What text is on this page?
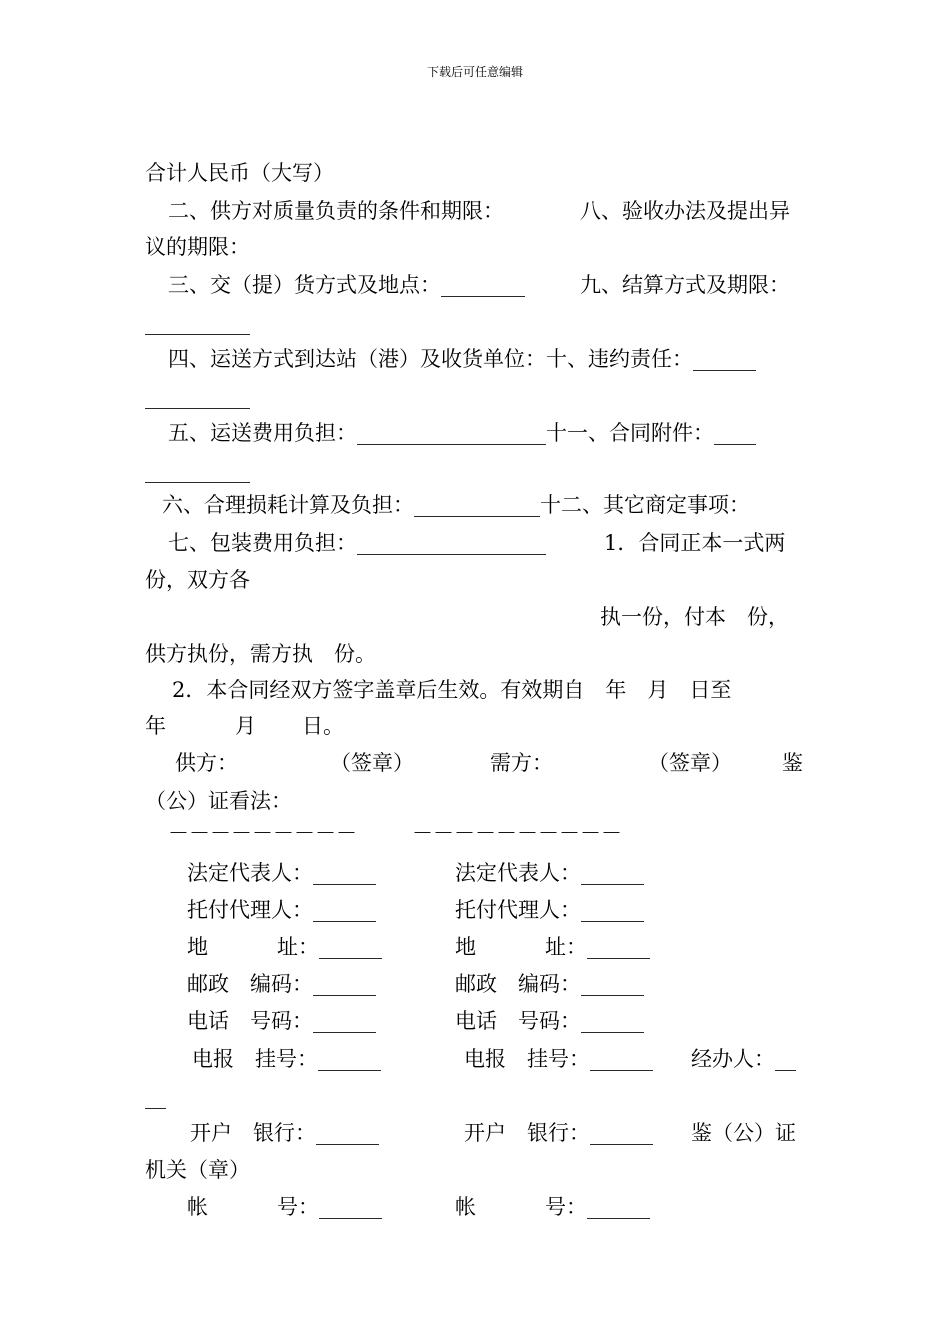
下载后可任意编辑
合计人民币（大写）
二、供方对质量负责的条件和期限：	八、验收办法及提出异
议的期限：
三、交（提）货方式及地点：________	九、结算方式及期限：
__________
四、运送方式到达站（港）及收货单位：十、违约责任：______
__________
五、运送费用负担：__________________十一、合同附件：____
__________
六、合理损耗计算及负担：____________十二、其它商定事项：
七、包装费用负担：__________________	1．合同正本一式两
份，双方各
执一份，付本　份，
供方执份，需方执　份。
2．本合同经双方签字盖章后生效。有效期自　年　月　日至
年	月 日。
供方：	（签章）	需方：	（签章） 鉴
（公）证看法：
－－－－－－－－－	－－－－－－－－－－
法定代表人：______	法定代表人：______
托付代理人：______	托付代理人：______
地	址：______	地	址：______
邮政　编码：______	邮政　编码：______
电话　号码：______	电话　号码：______
电报　挂号：______	电报　挂号：______ 经办人：__
__
开户　银行：______	开户　银行：______ 鉴（公）证
机关（章）
帐	号：______	帐	号：______
